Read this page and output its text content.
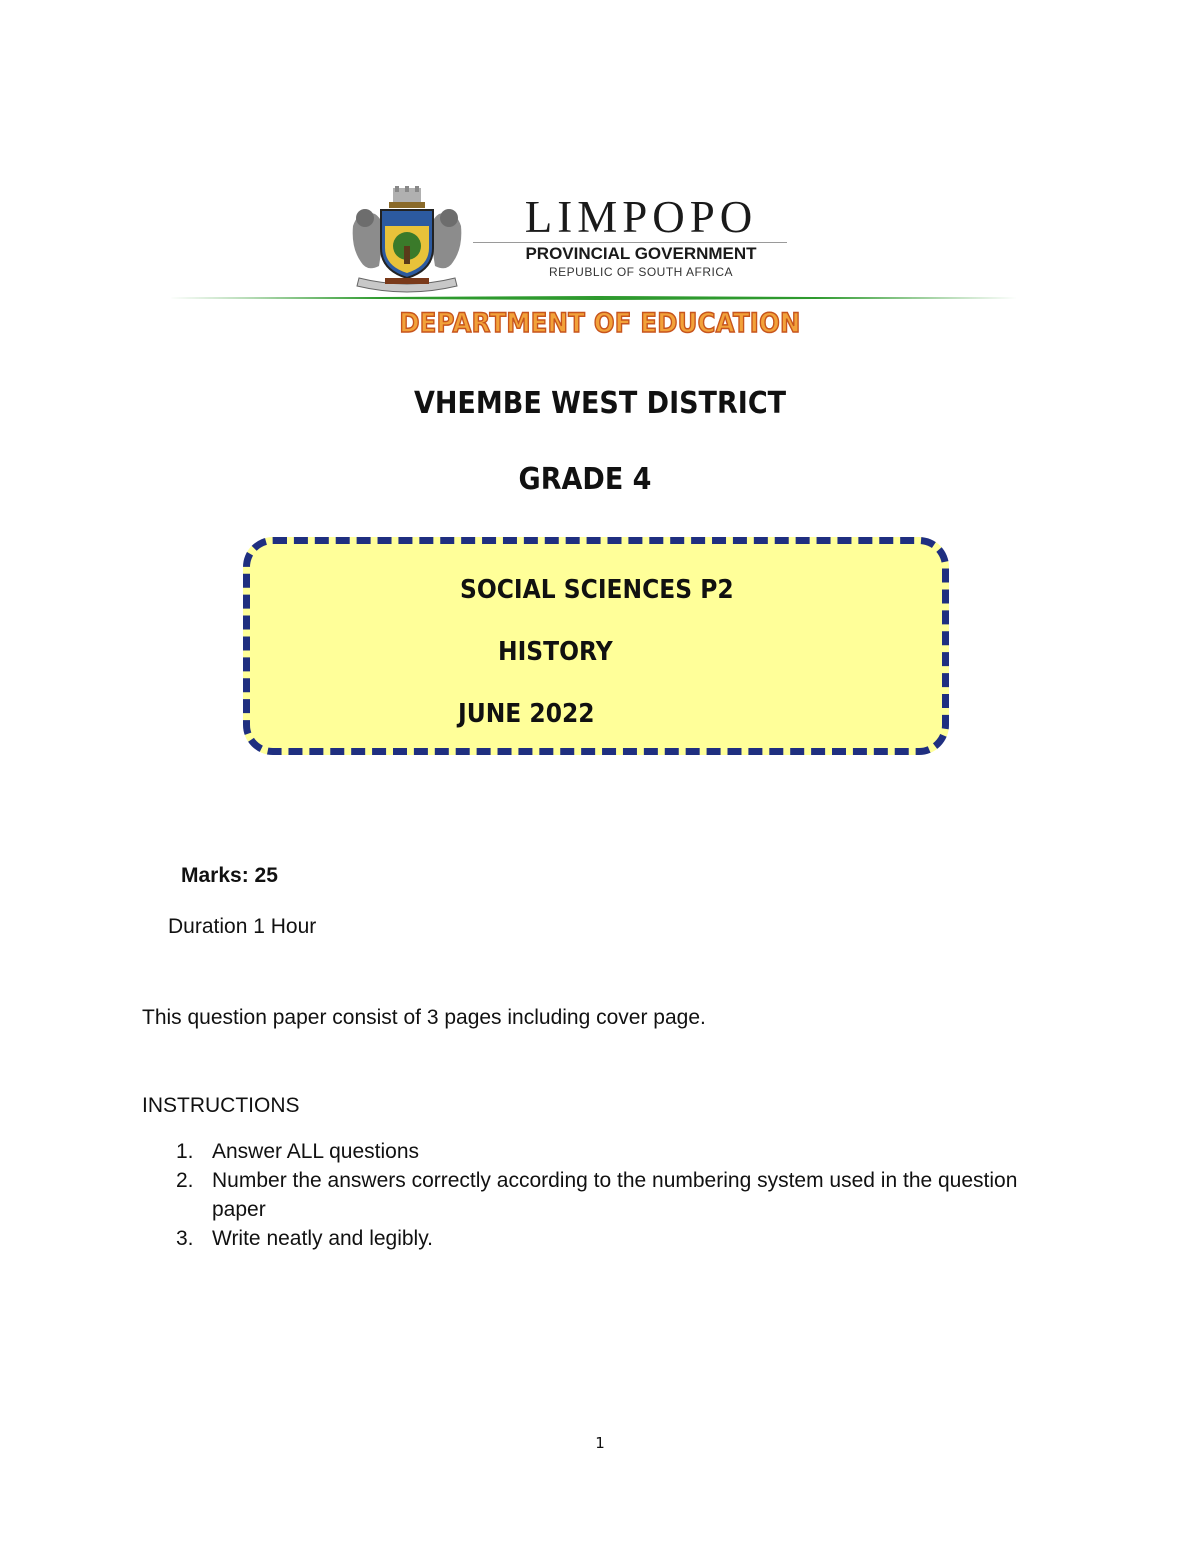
LIMPOPO
PROVINCIAL GOVERNMENT
REPUBLIC OF SOUTH AFRICA
DEPARTMENT OF EDUCATION
VHEMBE WEST DISTRICT
GRADE 4
SOCIAL SCIENCES P2
HISTORY
JUNE 2022
Marks: 25
Duration 1 Hour
This question paper consist of 3 pages including cover page.
INSTRUCTIONS
1. Answer ALL questions
2. Number the answers correctly according to the numbering system used in the question paper
3. Write neatly and legibly.
1
